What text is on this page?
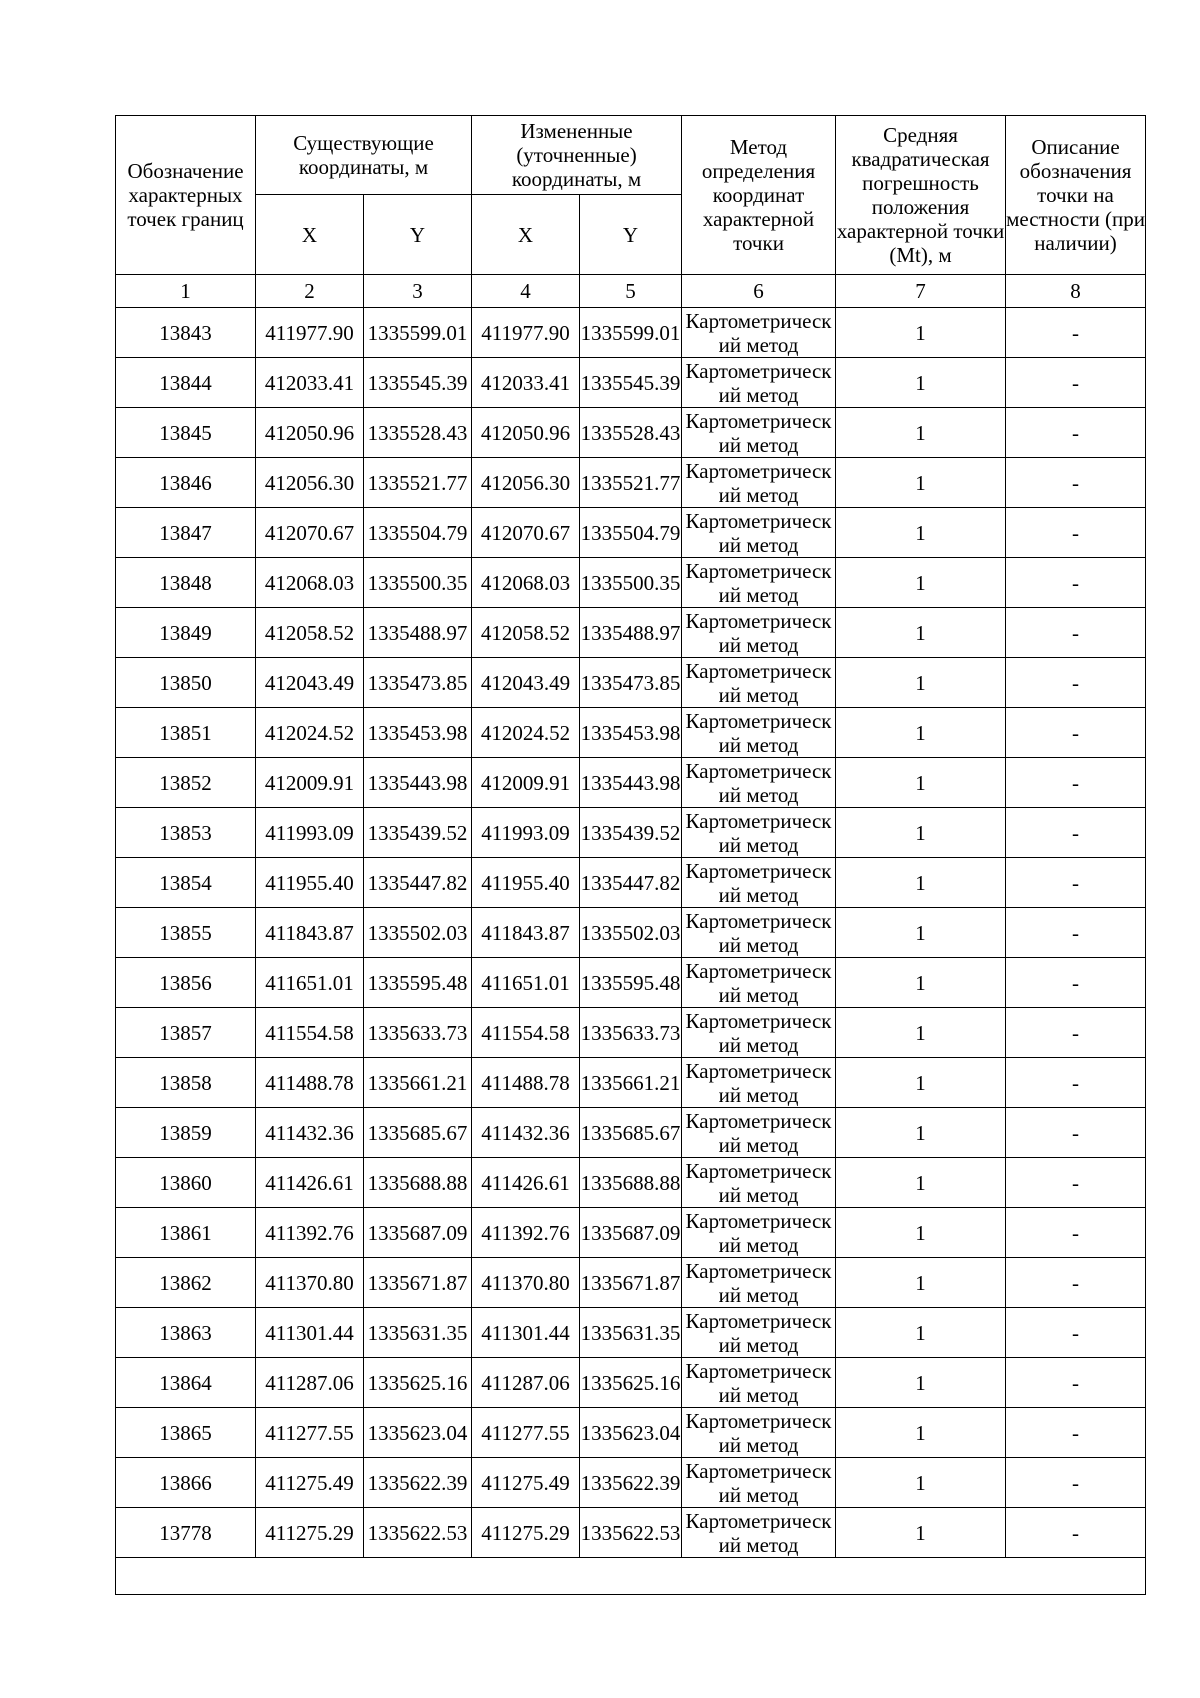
Обозначение характерных точек границ	Существующие координаты, м		Измененные (уточненные) координаты, м		Метод определения координат характерной точки	Средняя квадратическая погрешность положения характерной точки (Mt), м	Описание обозначения точки на местности (при наличии)
	X	Y	X	Y			
1	2	3	4	5	6	7	8
13843	411977.90	1335599.01	411977.90	1335599.01	Картометрический метод	1	-
13844	412033.41	1335545.39	412033.41	1335545.39	Картометрический метод	1	-
13845	412050.96	1335528.43	412050.96	1335528.43	Картометрический метод	1	-
13846	412056.30	1335521.77	412056.30	1335521.77	Картометрический метод	1	-
13847	412070.67	1335504.79	412070.67	1335504.79	Картометрический метод	1	-
13848	412068.03	1335500.35	412068.03	1335500.35	Картометрический метод	1	-
13849	412058.52	1335488.97	412058.52	1335488.97	Картометрический метод	1	-
13850	412043.49	1335473.85	412043.49	1335473.85	Картометрический метод	1	-
13851	412024.52	1335453.98	412024.52	1335453.98	Картометрический метод	1	-
13852	412009.91	1335443.98	412009.91	1335443.98	Картометрический метод	1	-
13853	411993.09	1335439.52	411993.09	1335439.52	Картометрический метод	1	-
13854	411955.40	1335447.82	411955.40	1335447.82	Картометрический метод	1	-
13855	411843.87	1335502.03	411843.87	1335502.03	Картометрический метод	1	-
13856	411651.01	1335595.48	411651.01	1335595.48	Картометрический метод	1	-
13857	411554.58	1335633.73	411554.58	1335633.73	Картометрический метод	1	-
13858	411488.78	1335661.21	411488.78	1335661.21	Картометрический метод	1	-
13859	411432.36	1335685.67	411432.36	1335685.67	Картометрический метод	1	-
13860	411426.61	1335688.88	411426.61	1335688.88	Картометрический метод	1	-
13861	411392.76	1335687.09	411392.76	1335687.09	Картометрический метод	1	-
13862	411370.80	1335671.87	411370.80	1335671.87	Картометрический метод	1	-
13863	411301.44	1335631.35	411301.44	1335631.35	Картометрический метод	1	-
13864	411287.06	1335625.16	411287.06	1335625.16	Картометрический метод	1	-
13865	411277.55	1335623.04	411277.55	1335623.04	Картометрический метод	1	-
13866	411275.49	1335622.39	411275.49	1335622.39	Картометрический метод	1	-
13778	411275.29	1335622.53	411275.29	1335622.53	Картометрический метод	1	-
